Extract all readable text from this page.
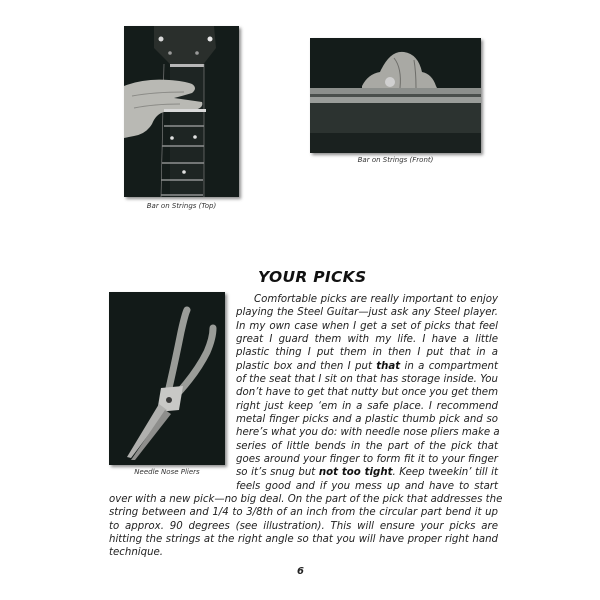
Bar on Strings (Top)
Bar on Strings (Front)
YOUR PICKS
Needle Nose Pliers
Comfortable picks are really important to enjoy
playing the Steel Guitar—just ask any Steel player.
In my own case when I get a set of picks that feel
great I guard them with my life. I have a little
plastic thing I put them in then I put that in a
plastic box and then I put that in a compartment
of the seat that I sit on that has storage inside. You
don’t have to get that nutty but once you get them
right just keep ‘em in a safe place. I recommend
metal finger picks and a plastic thumb pick and so
here’s what you do: with needle nose pliers make a
series of little bends in the part of the pick that
goes around your finger to form fit it to your finger
so it’s snug but not too tight. Keep tweekin’ till it
feels good and if you mess up and have to start
over with a new pick—no big deal. On the part of the pick that addresses the
string between and 1/4 to 3/8th of an inch from the circular part bend it up
to approx. 90 degrees (see illustration). This will ensure your picks are
hitting the strings at the right angle so that you will have proper right hand
technique.
6
